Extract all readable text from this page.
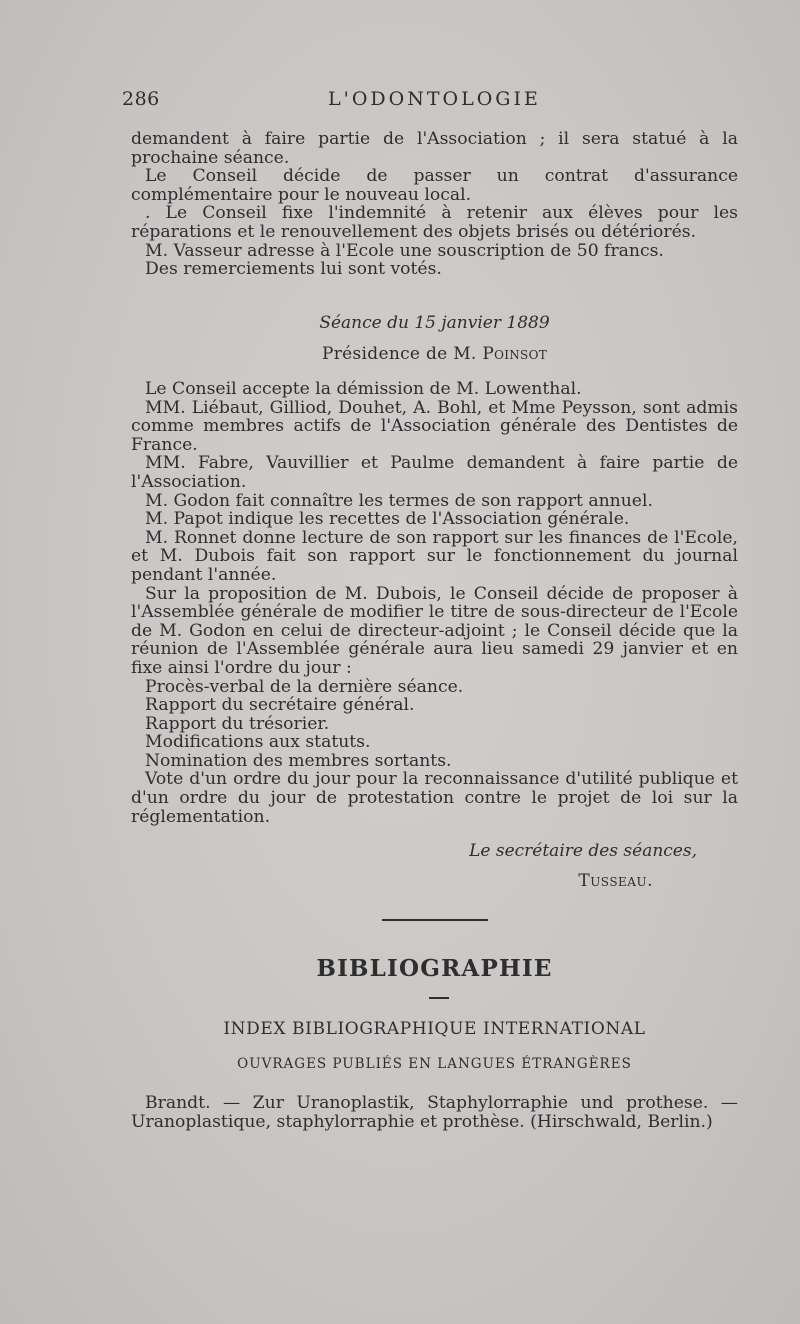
286	L'ODONTOLOGIE

demandent à faire partie de l'Association ; il sera statué à la prochaine séance.

Le Conseil décide de passer un contrat d'assurance complémentaire pour le nouveau local.

. Le Conseil fixe l'indemnité à retenir aux élèves pour les réparations et le renouvellement des objets brisés ou détériorés.

M. Vasseur adresse à l'Ecole une souscription de 50 francs.

Des remerciements lui sont votés.

Séance du 15 janvier 1889
Présidence de M. Poinsot

Le Conseil accepte la démission de M. Lowenthal.

MM. Liébaut, Gilliod, Douhet, A. Bohl, et Mme Peysson, sont admis comme membres actifs de l'Association générale des Dentistes de France.

MM. Fabre, Vauvillier et Paulme demandent à faire partie de l'Association.

M. Godon fait connaître les termes de son rapport annuel.

M. Papot indique les recettes de l'Association générale.

M. Ronnet donne lecture de son rapport sur les finances de l'Ecole, et M. Dubois fait son rapport sur le fonctionnement du journal pendant l'année.

Sur la proposition de M. Dubois, le Conseil décide de proposer à l'Assemblée générale de modifier le titre de sous-directeur de l'Ecole de M. Godon en celui de directeur-adjoint ; le Conseil décide que la réunion de l'Assemblée générale aura lieu samedi 29 janvier et en fixe ainsi l'ordre du jour :

Procès-verbal de la dernière séance.

Rapport du secrétaire général.

Rapport du trésorier.

Modifications aux statuts.

Nomination des membres sortants.

Vote d'un ordre du jour pour la reconnaissance d'utilité publique et d'un ordre du jour de protestation contre le projet de loi sur la réglementation.

Le secrétaire des séances,
Tusseau.
BIBLIOGRAPHIE
INDEX BIBLIOGRAPHIQUE INTERNATIONAL
OUVRAGES PUBLIÉS EN LANGUES ÉTRANGÈRES

Brandt. — Zur Uranoplastik, Staphylorraphie und prothese. — Uranoplastique, staphylorraphie et prothèse. (Hirschwald, Berlin.)
